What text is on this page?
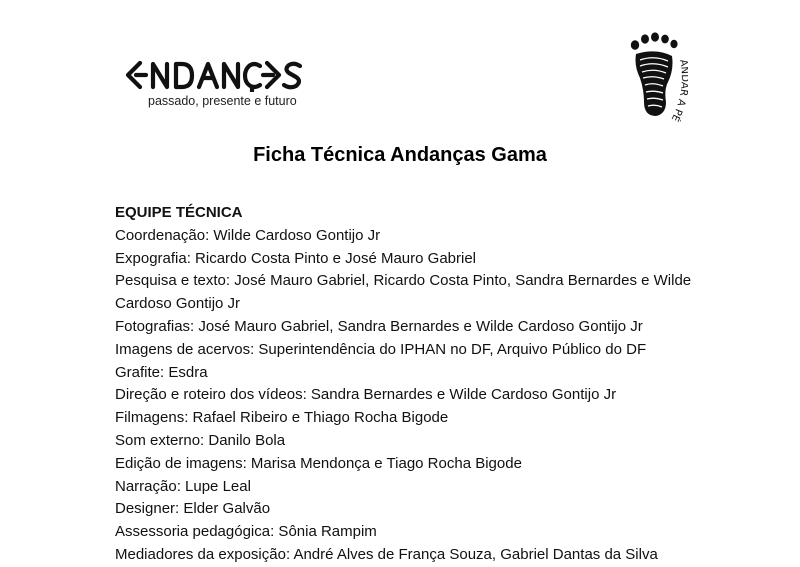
passado, presente e futuro
A R A PÉ
Ficha Técnica Andanças Gama
EQUIPE TÉCNICA
Coordenação: Wilde Cardoso Gontijo Jr
Expografia: Ricardo Costa Pinto e José Mauro Gabriel
Pesquisa e texto: José Mauro Gabriel, Ricardo Costa Pinto, Sandra Bernardes e Wilde
Cardoso Gontijo Jr
Fotografias: José Mauro Gabriel, Sandra Bernardes e Wilde Cardoso Gontijo Jr
Imagens de acervos: Superintendência do IPHAN no DF, Arquivo Público do DF
Grafite: Esdra
Direção e roteiro dos vídeos: Sandra Bernardes e Wilde Cardoso Gontijo Jr
Filmagens: Rafael Ribeiro e Thiago Rocha Bigode
Som externo: Danilo Bola
Edição de imagens: Marisa Mendonça e Tiago Rocha Bigode
Narração: Lupe Leal
Designer: Elder Galvão
Assessoria pedagógica: Sônia Rampim
Mediadores da exposição: André Alves de França Souza, Gabriel Dantas da Silva
